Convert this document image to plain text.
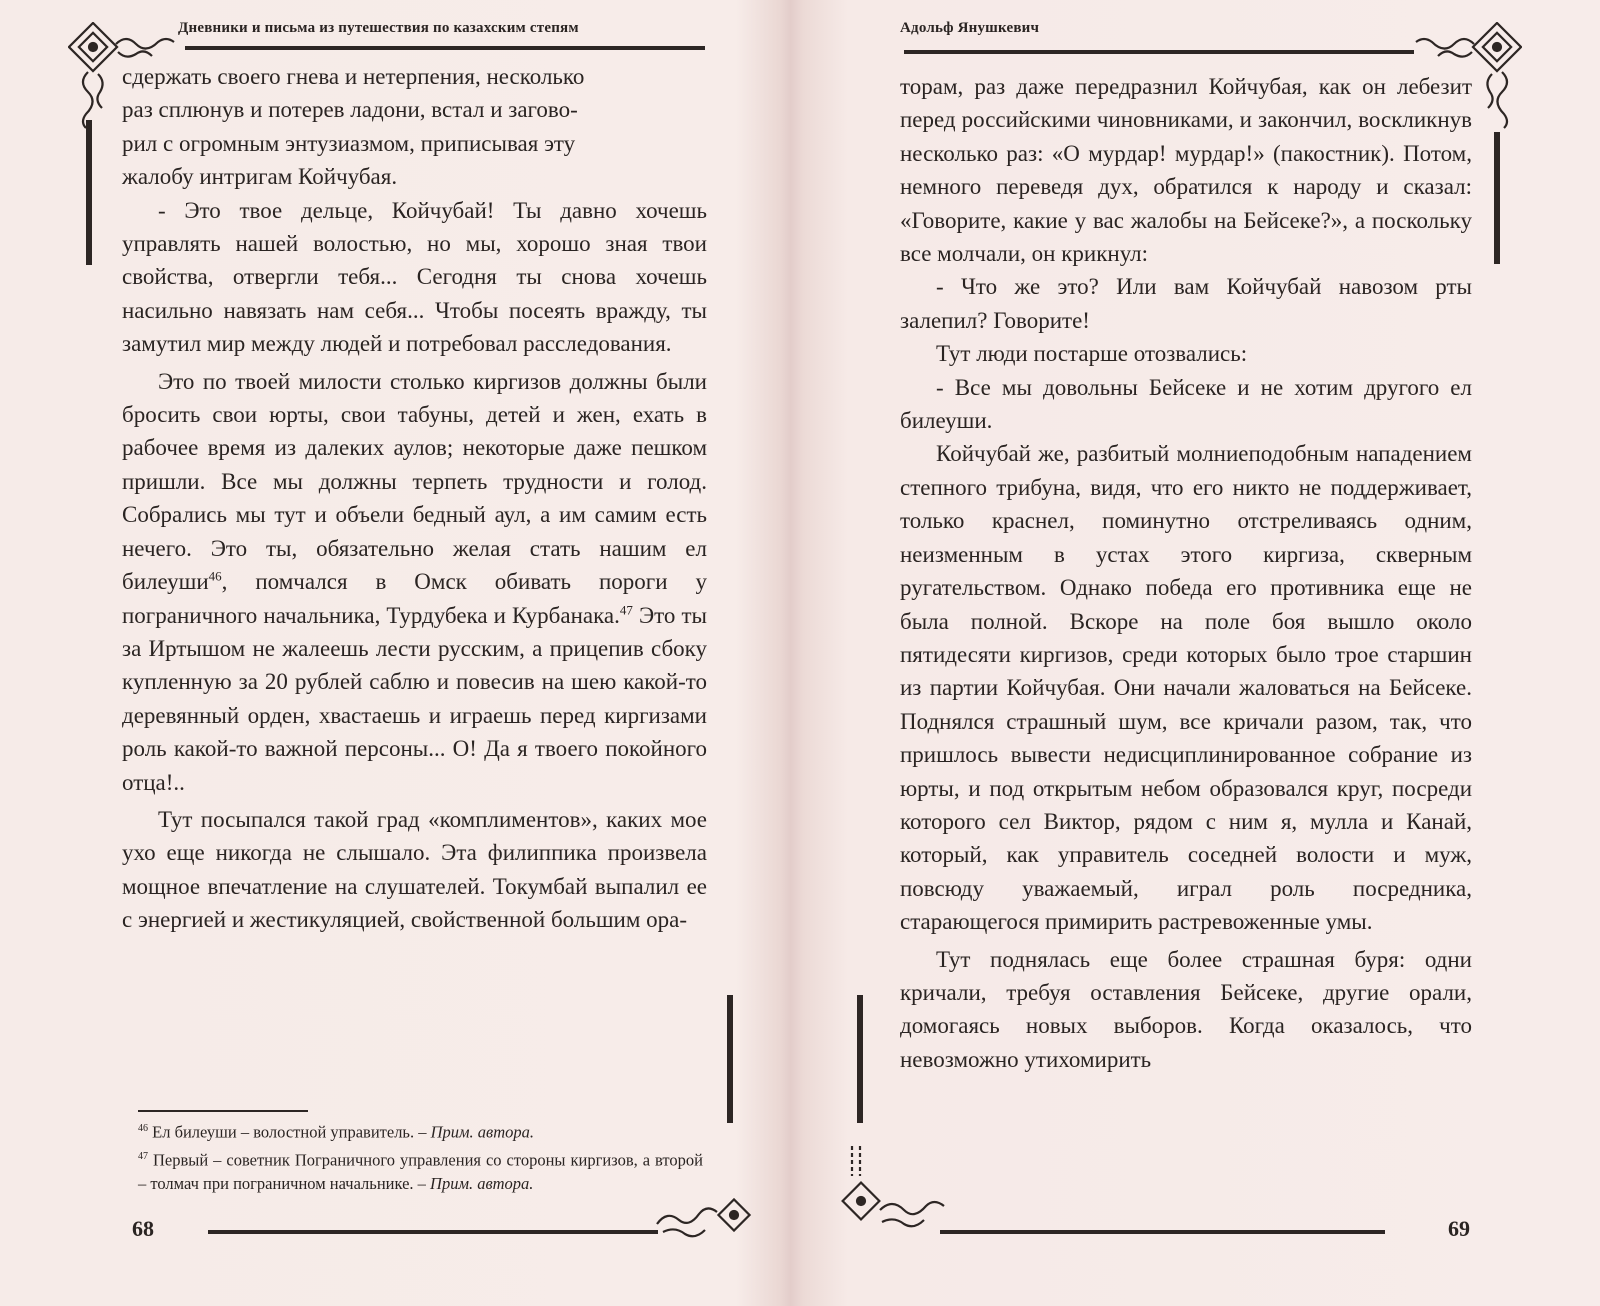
Дневники и письма из путешествия по казахским степям

сдержать своего гнева и нетерпения, несколько

раз сплюнув и потерев ладони, встал и загово-

рил с огромным энтузиазмом, приписывая эту

жалобу интригам Койчубая.

- Это твое дельце, Койчубай! Ты давно хочешь управлять нашей волостью, но мы, хорошо зная твои свойства, отвергли тебя... Сегодня ты снова хочешь насильно навязать нам себя... Чтобы посеять вражду, ты замутил мир между людей и потребовал расследования.

Это по твоей милости столько киргизов должны были бросить свои юрты, свои табуны, детей и жен, ехать в рабочее время из далеких аулов; некоторые даже пешком пришли. Все мы должны терпеть трудности и голод. Собрались мы тут и объели бедный аул, а им самим есть нечего. Это ты, обязательно желая стать нашим ел билеуши$^{46}$, помчался в Омск обивать пороги у пограничного начальника, Турдубека и Курбанака.$^{47}$ Это ты за Иртышом не жалеешь лести русским, а прицепив сбоку купленную за 20 рублей саблю и повесив на шею какой-то деревянный орден, хвастаешь и играешь перед киргизами роль какой-то важной персоны... О! Да я твоего покойного отца!..

Тут посыпался такой град «комплиментов», каких мое ухо еще никогда не слышало. Эта филиппика произвела мощное впечатление на слушателей. Токумбай выпалил ее с энергией и жестикуляцией, свойственной большим ора-

$^{46}$ Ел билеуши – волостной управитель. – Прим. автора.

$^{47}$ Первый – советник Пограничного управления со стороны киргизов, а второй – толмач при пограничном начальнике. – Прим. автора.

68
Адольф Янушкевич

торам, раз даже передразнил Койчубая, как он лебезит перед российскими чиновниками, и закончил, воскликнув несколько раз: «О мурдар! мурдар!» (пакостник). Потом, немного переведя дух, обратился к народу и сказал: «Говорите, какие у вас жалобы на Бейсеке?», а поскольку все молчали, он крикнул:

- Что же это? Или вам Койчубай навозом рты залепил? Говорите!

Тут люди постарше отозвались:

- Все мы довольны Бейсеке и не хотим другого ел билеуши.

Койчубай же, разбитый молниеподобным нападением степного трибуна, видя, что его никто не поддерживает, только краснел, поминутно отстреливаясь одним, неизменным в устах этого киргиза, скверным ругательством. Однако победа его противника еще не была полной. Вскоре на поле боя вышло около пятидесяти киргизов, среди которых было трое старшин из партии Койчубая. Они начали жаловаться на Бейсеке. Поднялся страшный шум, все кричали разом, так, что пришлось вывести недисциплинированное собрание из юрты, и под открытым небом образовался круг, посреди которого сел Виктор, рядом с ним я, мулла и Канай, который, как управитель соседней волости и муж, повсюду уважаемый, играл роль посредника, старающегося примирить растревоженные умы.

Тут поднялась еще более страшная буря: одни кричали, требуя оставления Бейсеке, другие орали, домогаясь новых выборов. Когда оказалось, что невозможно утихомирить

69
